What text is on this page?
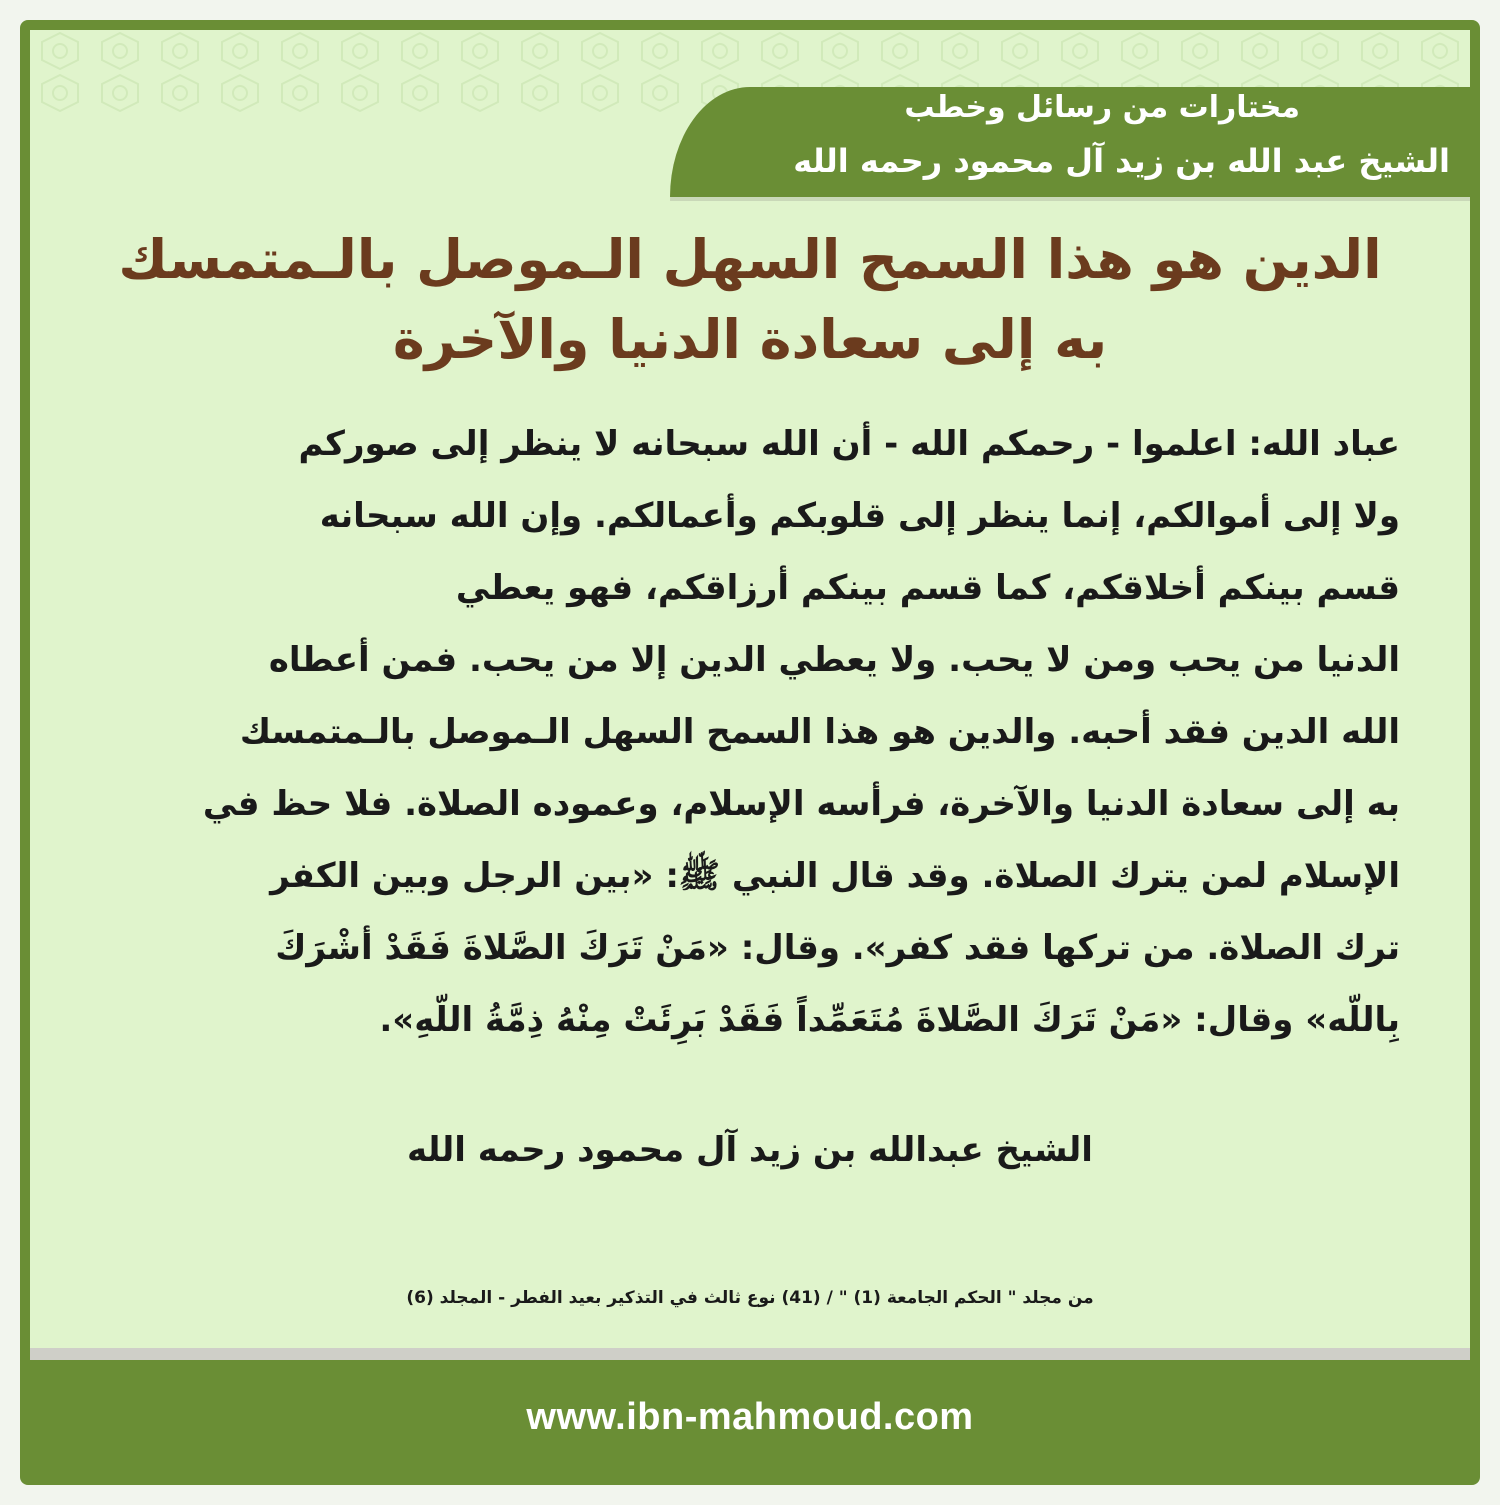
مختارات من رسائل وخطب
الشيخ عبد الله بن زيد آل محمود رحمه الله
الدين هو هذا السمح السهل الـموصل بالـمتمسك
به إلى سعادة الدنيا والآخرة
عباد الله: اعلموا - رحمكم الله - أن الله سبحانه لا ينظر إلى صوركم
ولا إلى أموالكم، إنما ينظر إلى قلوبكم وأعمالكم. وإن الله سبحانه
قسم بينكم أخلاقكم، كما قسم بينكم أرزاقكم، فهو يعطي
الدنيا من يحب ومن لا يحب. ولا يعطي الدين إلا من يحب. فمن أعطاه
الله الدين فقد أحبه. والدين هو هذا السمح السهل الـموصل بالـمتمسك
به إلى سعادة الدنيا والآخرة، فرأسه الإسلام، وعموده الصلاة. فلا حظ في
الإسلام لمن يترك الصلاة. وقد قال النبي ﷺ: «بين الرجل وبين الكفر
ترك الصلاة. من تركها فقد كفر». وقال: «مَنْ تَرَكَ الصَّلاةَ فَقَدْ أشْرَكَ
بِاللّه» وقال: «مَنْ تَرَكَ الصَّلاةَ مُتَعَمِّداً فَقَدْ بَرِئَتْ مِنْهُ ذِمَّةُ اللّهِ».
الشيخ عبدالله بن زيد آل محمود رحمه الله
من مجلد " الحكم الجامعة (1) " / (41) نوع ثالث في التذكير بعيد الفطر - المجلد (6)
www.ibn-mahmoud.com
